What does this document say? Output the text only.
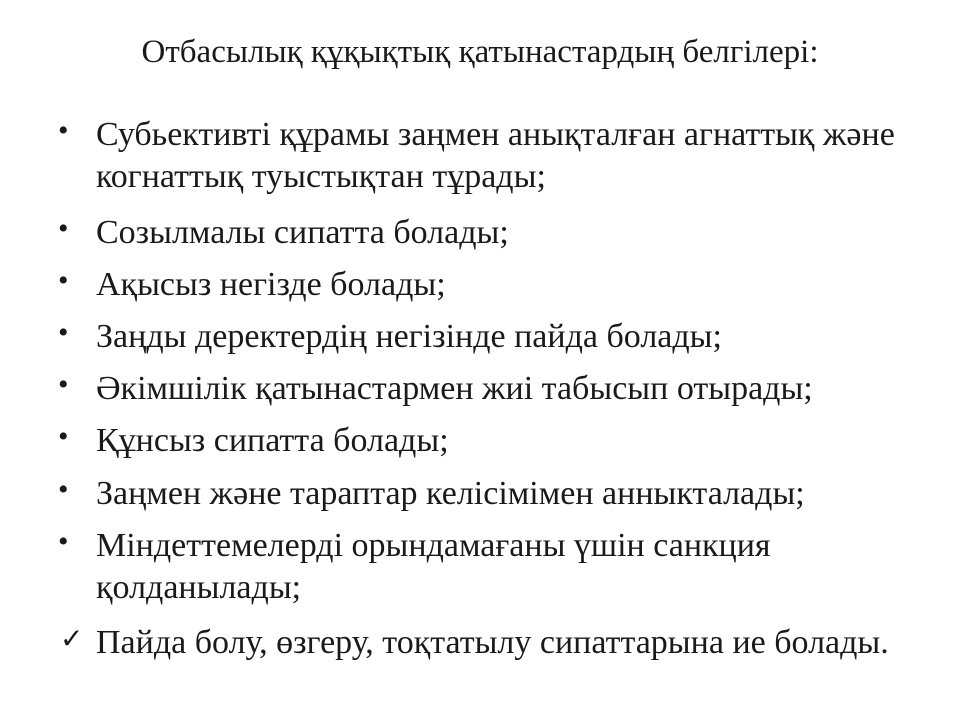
Отбасылық құқықтық қатынастардың белгілері:
• Субьективті құрамы заңмен анықталған агнаттық және когнаттық туыстықтан тұрады;
• Созылмалы сипатта болады;
• Ақысыз негізде болады;
• Заңды деректердің негізінде пайда болады;
• Әкімшілік қатынастармен жиі табысып отырады;
• Құнсыз сипатта болады;
• Заңмен және тараптар келісімімен анныкталады;
• Міндеттемелерді орындамағаны үшін санкция қолданылады;
✓ Пайда болу, өзгеру, тоқтатылу сипаттарына ие болады.
